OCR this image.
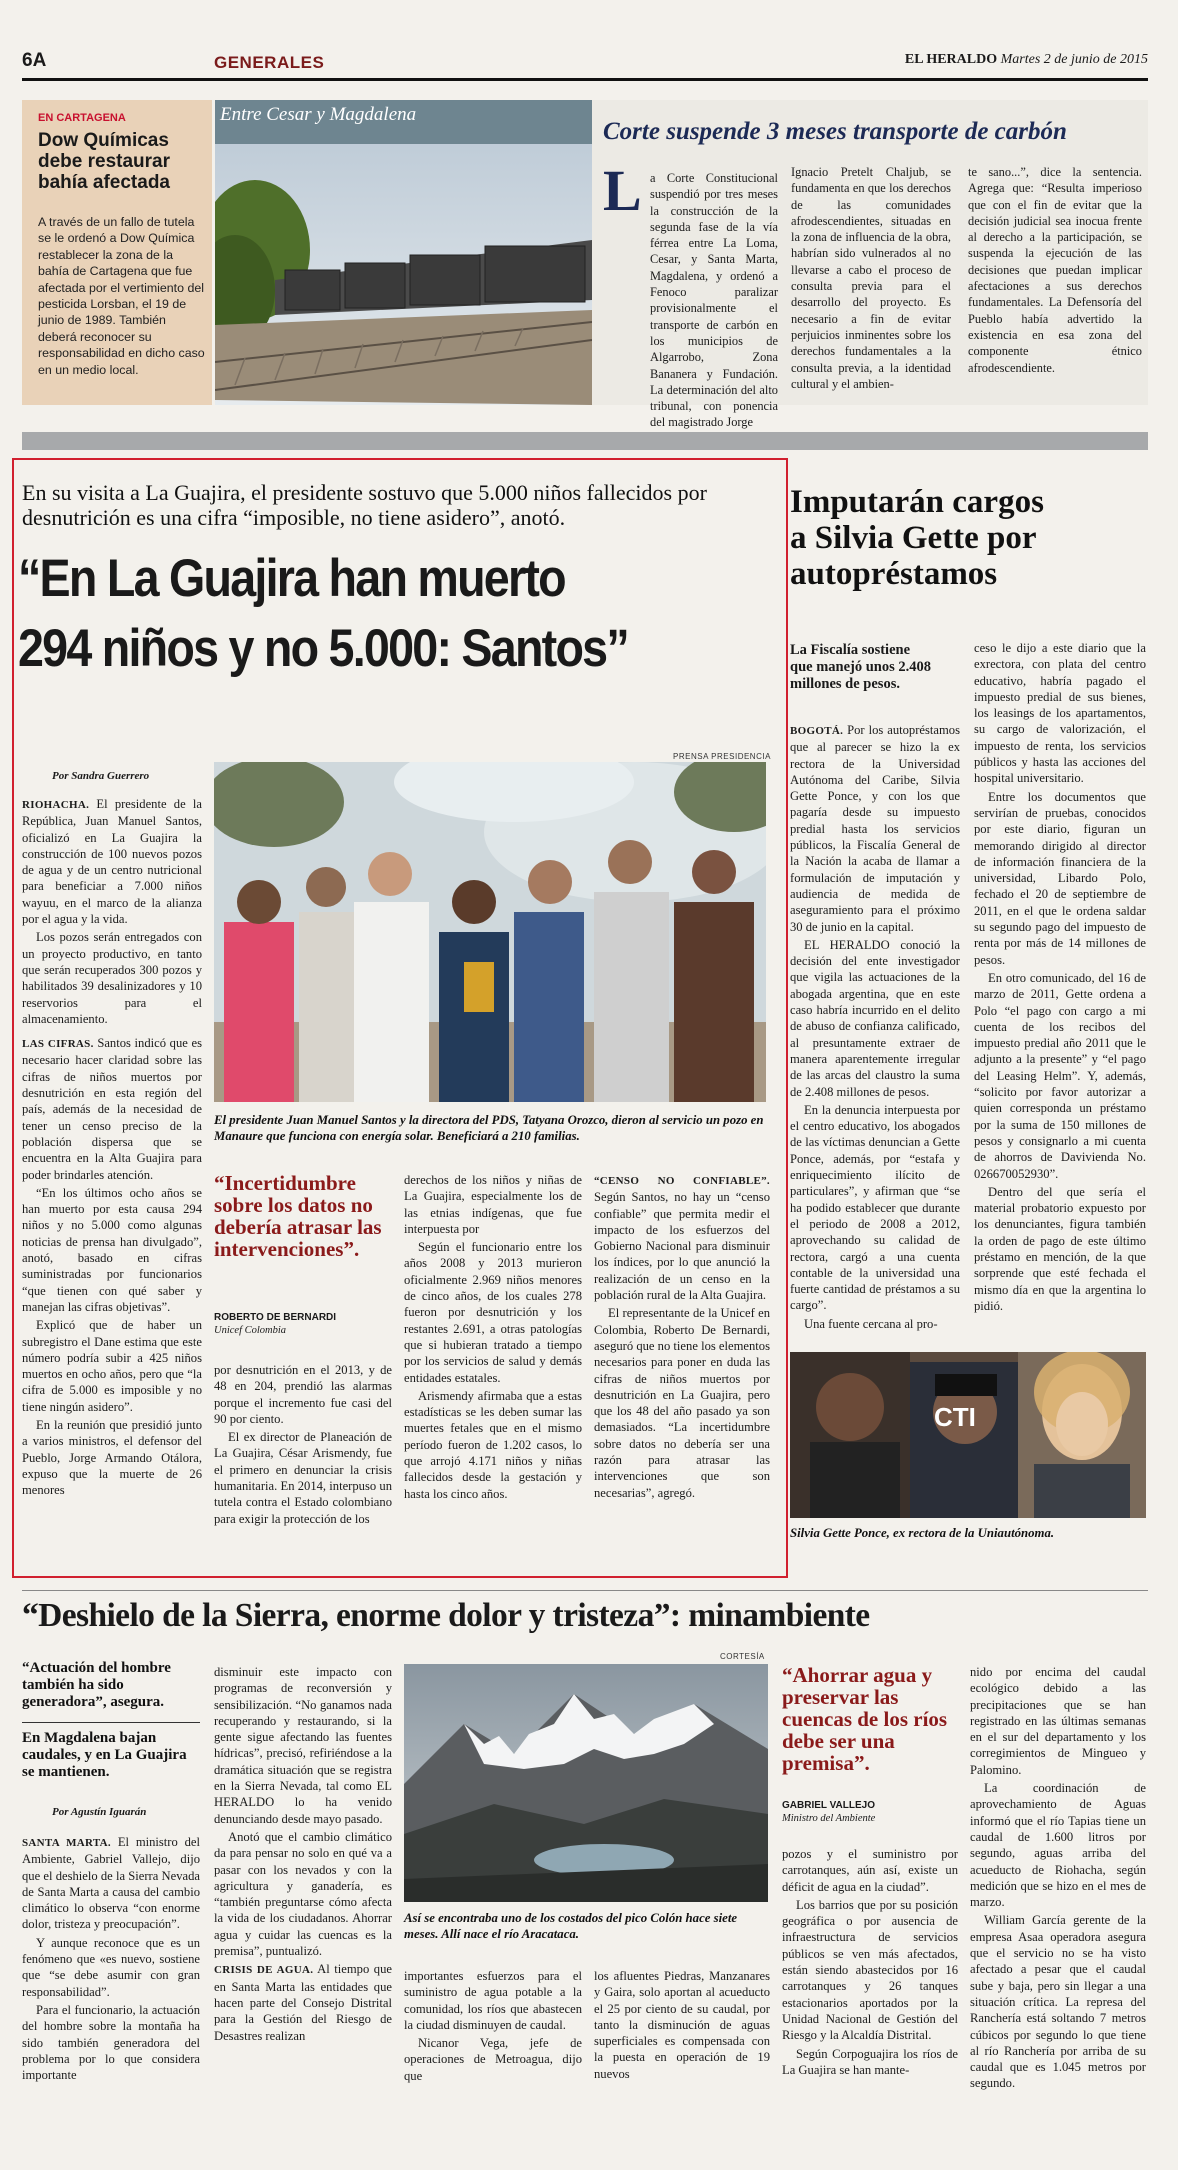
6A	GENERALES	EL HERALDO Martes 2 de junio de 2015
EN CARTAGENA
Dow Químicas debe restaurar bahía afectada
A través de un fallo de tutela se le ordenó a Dow Química restablecer la zona de la bahía de Cartagena que fue afectada por el vertimiento del pesticida Lorsban, el 19 de junio de 1989. También deberá reconocer su responsabilidad en dicho caso en un medio local.
Entre Cesar y Magdalena
Corte suspende 3 meses transporte de carbón
L a Corte Constitucional suspendió por tres meses la construcción de la segunda fase de la vía férrea entre La Loma, Cesar, y Santa Marta, Magdalena, y ordenó a Fenoco paralizar provisionalmente el transporte de carbón en los municipios de Algarrobo, Zona Bananera y Fundación. La determinación del alto tribunal, con ponencia del magistrado Jorge

Ignacio Pretelt Chaljub, se fundamenta en que los derechos de las comunidades afrodescendientes, situadas en la zona de influencia de la obra, habrían sido vulnerados al no llevarse a cabo el proceso de consulta previa para el desarrollo del proyecto. Es necesario a fin de evitar perjuicios inminentes sobre los derechos fundamentales a la consulta previa, a la identidad cultural y el ambien-

te sano...”, dice la sentencia. Agrega que: “Resulta imperioso que con el fin de evitar que la decisión judicial sea inocua frente al derecho a la participación, se suspenda la ejecución de las decisiones que puedan implicar afectaciones a sus derechos fundamentales. La Defensoría del Pueblo había advertido la existencia en esa zona del componente étnico afrodescendiente.

En su visita a La Guajira, el presidente sostuvo que 5.000 niños fallecidos por desnutrición es una cifra “imposible, no tiene asidero”, anotó.
“En La Guajira han muerto
294 niños y no 5.000: Santos”
Por Sandra Guerrero
PRENSA PRESIDENCIA
El presidente Juan Manuel Santos y la directora del PDS, Tatyana Orozco, dieron al servicio un pozo en Manaure que funciona con energía solar. Beneficiará a 210 familias.

RIOHACHA. El presidente de la República, Juan Manuel Santos, oficializó en La Guajira la construcción de 100 nuevos pozos de agua y de un centro nutricional para beneficiar a 7.000 niños wayuu, en el marco de la alianza por el agua y la vida.

Los pozos serán entregados con un proyecto productivo, en tanto que serán recuperados 300 pozos y habilitados 39 desalinizadores y 10 reservorios para el almacenamiento.

LAS CIFRAS. Santos indicó que es necesario hacer claridad sobre las cifras de niños muertos por desnutrición en esta región del país, además de la necesidad de tener un censo preciso de la población dispersa que se encuentra en la Alta Guajira para poder brindarles atención.

“En los últimos ocho años se han muerto por esta causa 294 niños y no 5.000 como algunas noticias de prensa han divulgado”, anotó, basado en cifras suministradas por funcionarios “que tienen con qué saber y manejan las cifras objetivas”.

Explicó que de haber un subregistro el Dane estima que este número podría subir a 425 niños muertos en ocho años, pero que “la cifra de 5.000 es imposible y no tiene ningún asidero”.

En la reunión que presidió junto a varios ministros, el defensor del Pueblo, Jorge Armando Otálora, expuso que la muerte de 26 menores

“Incertidumbre sobre los datos no debería atrasar las intervenciones”.
ROBERTO DE BERNARDI
Unicef Colombia

por desnutrición en el 2013, y de 48 en 204, prendió las alarmas porque el incremento fue casi del 90 por ciento.

El ex director de Planeación de La Guajira, César Arismendy, fue el primero en denunciar la crisis humanitaria. En 2014, interpuso un tutela contra el Estado colombiano para exigir la protección de los

derechos de los niños y niñas de La Guajira, especialmente los de las etnias indígenas, que fue interpuesta por

Según el funcionario entre los años 2008 y 2013 murieron oficialmente 2.969 niños menores de cinco años, de los cuales 278 fueron por desnutrición y los restantes 2.691, a otras patologías que si hubieran tratado a tiempo por los servicios de salud y demás entidades estatales.

Arismendy afirmaba que a estas estadísticas se les deben sumar las muertes fetales que en el mismo período fueron de 1.202 casos, lo que arrojó 4.171 niños y niñas fallecidos desde la gestación y hasta los cinco años.

“CENSO NO CONFIABLE”. Según Santos, no hay un “censo confiable” que permita medir el impacto de los esfuerzos del Gobierno Nacional para disminuir los índices, por lo que anunció la realización de un censo en la población rural de la Alta Guajira.

El representante de la Unicef en Colombia, Roberto De Bernardi, aseguró que no tiene los elementos necesarios para poner en duda las cifras de niños muertos por desnutrición en La Guajira, pero que los 48 del año pasado ya son demasiados. “La incertidumbre sobre datos no debería ser una razón para atrasar las intervenciones que son necesarias”, agregó.

Imputarán cargos
a Silvia Gette por
autopréstamos
La Fiscalía sostiene que manejó unos 2.408 millones de pesos.

BOGOTÁ. Por los autopréstamos que al parecer se hizo la ex rectora de la Universidad Autónoma del Caribe, Silvia Gette Ponce, y con los que pagaría desde su impuesto predial hasta los servicios públicos, la Fiscalía General de la Nación la acaba de llamar a formulación de imputación y audiencia de medida de aseguramiento para el próximo 30 de junio en la capital.

EL HERALDO conoció la decisión del ente investigador que vigila las actuaciones de la abogada argentina, que en este caso habría incurrido en el delito de abuso de confianza calificado, al presuntamente extraer de manera aparentemente irregular de las arcas del claustro la suma de 2.408 millones de pesos.

En la denuncia interpuesta por el centro educativo, los abogados de las víctimas denuncian a Gette Ponce, además, por “estafa y enriquecimiento ilícito de particulares”, y afirman que “se ha podido establecer que durante el periodo de 2008 a 2012, aprovechando su calidad de rectora, cargó a una cuenta contable de la universidad una fuerte cantidad de préstamos a su cargo”.

Una fuente cercana al pro-

ceso le dijo a este diario que la exrectora, con plata del centro educativo, habría pagado el impuesto predial de sus bienes, los leasings de los apartamentos, su cargo de valorización, el impuesto de renta, los servicios públicos y hasta las acciones del hospital universitario.

Entre los documentos que servirían de pruebas, conocidos por este diario, figuran un memorando dirigido al director de información financiera de la universidad, Libardo Polo, fechado el 20 de septiembre de 2011, en el que le ordena saldar su segundo pago del impuesto de renta por más de 14 millones de pesos.

En otro comunicado, del 16 de marzo de 2011, Gette ordena a Polo “el pago con cargo a mi cuenta de los recibos del impuesto predial año 2011 que le adjunto a la presente” y “el pago del Leasing Helm”. Y, además, “solicito por favor autorizar a quien corresponda un préstamo por la suma de 150 millones de pesos y consignarlo a mi cuenta de ahorros de Davivienda No. 026670052930”.

Dentro del que sería el material probatorio expuesto por los denunciantes, figura también la orden de pago de este último préstamo en mención, de la que sorprende que esté fechada el mismo día en que la argentina lo pidió.

CTI
Silvia Gette Ponce, ex rectora de la Uniautónoma.
“Deshielo de la Sierra, enorme dolor y tristeza”: minambiente
“Actuación del hombre también ha sido generadora”, asegura.
En Magdalena bajan caudales, y en La Guajira se mantienen.
Por Agustín Iguarán

SANTA MARTA. El ministro del Ambiente, Gabriel Vallejo, dijo que el deshielo de la Sierra Nevada de Santa Marta a causa del cambio climático lo observa “con enorme dolor, tristeza y preocupación”.

Y aunque reconoce que es un fenómeno que «es nuevo, sostiene que “se debe asumir con gran responsabilidad”.

Para el funcionario, la actuación del hombre sobre la montaña ha sido también generadora del problema por lo que considera importante

disminuir este impacto con programas de reconversión y sensibilización. “No ganamos nada recuperando y restaurando, si la gente sigue afectando las fuentes hídricas”, precisó, refiriéndose a la dramática situación que se registra en la Sierra Nevada, tal como EL HERALDO lo ha venido denunciando desde mayo pasado.

Anotó que el cambio climático da para pensar no solo en qué va a pasar con los nevados y con la agricultura y ganadería, es “también preguntarse cómo afecta la vida de los ciudadanos. Ahorrar agua y cuidar las cuencas es la premisa”, puntualizó.

CRISIS DE AGUA. Al tiempo que en Santa Marta las entidades que hacen parte del Consejo Distrital para la Gestión del Riesgo de Desastres realizan

CORTESÍA
Así se encontraba uno de los costados del pico Colón hace siete meses. Allí nace el río Aracataca.

importantes esfuerzos para el suministro de agua potable a la comunidad, los ríos que abastecen la ciudad disminuyen de caudal.

Nicanor Vega, jefe de operaciones de Metroagua, dijo que

los afluentes Piedras, Manzanares y Gaira, solo aportan al acueducto el 25 por ciento de su caudal, por tanto la disminución de aguas superficiales es compensada con la puesta en operación de 19 nuevos

“Ahorrar agua y preservar las cuencas de los ríos debe ser una premisa”.
GABRIEL VALLEJO
Ministro del Ambiente

pozos y el suministro por carrotanques, aún así, existe un déficit de agua en la ciudad”.

Los barrios que por su posición geográfica o por ausencia de infraestructura de servicios públicos se ven más afectados, están siendo abastecidos por 16 carrotanques y 26 tanques estacionarios aportados por la Unidad Nacional de Gestión del Riesgo y la Alcaldía Distrital.

Según Corpoguajira los ríos de La Guajira se han mante-

nido por encima del caudal ecológico debido a las precipitaciones que se han registrado en las últimas semanas en el sur del departamento y los corregimientos de Mingueo y Palomino.

La coordinación de aprovechamiento de Aguas informó que el río Tapias tiene un caudal de 1.600 litros por segundo, aguas arriba del acueducto de Riohacha, según medición que se hizo en el mes de marzo.

William García gerente de la empresa Asaa operadora asegura que el servicio no se ha visto afectado a pesar que el caudal sube y baja, pero sin llegar a una situación crítica. La represa del Ranchería está soltando 7 metros cúbicos por segundo lo que tiene al río Ranchería por arriba de su caudal que es 1.045 metros por segundo.
